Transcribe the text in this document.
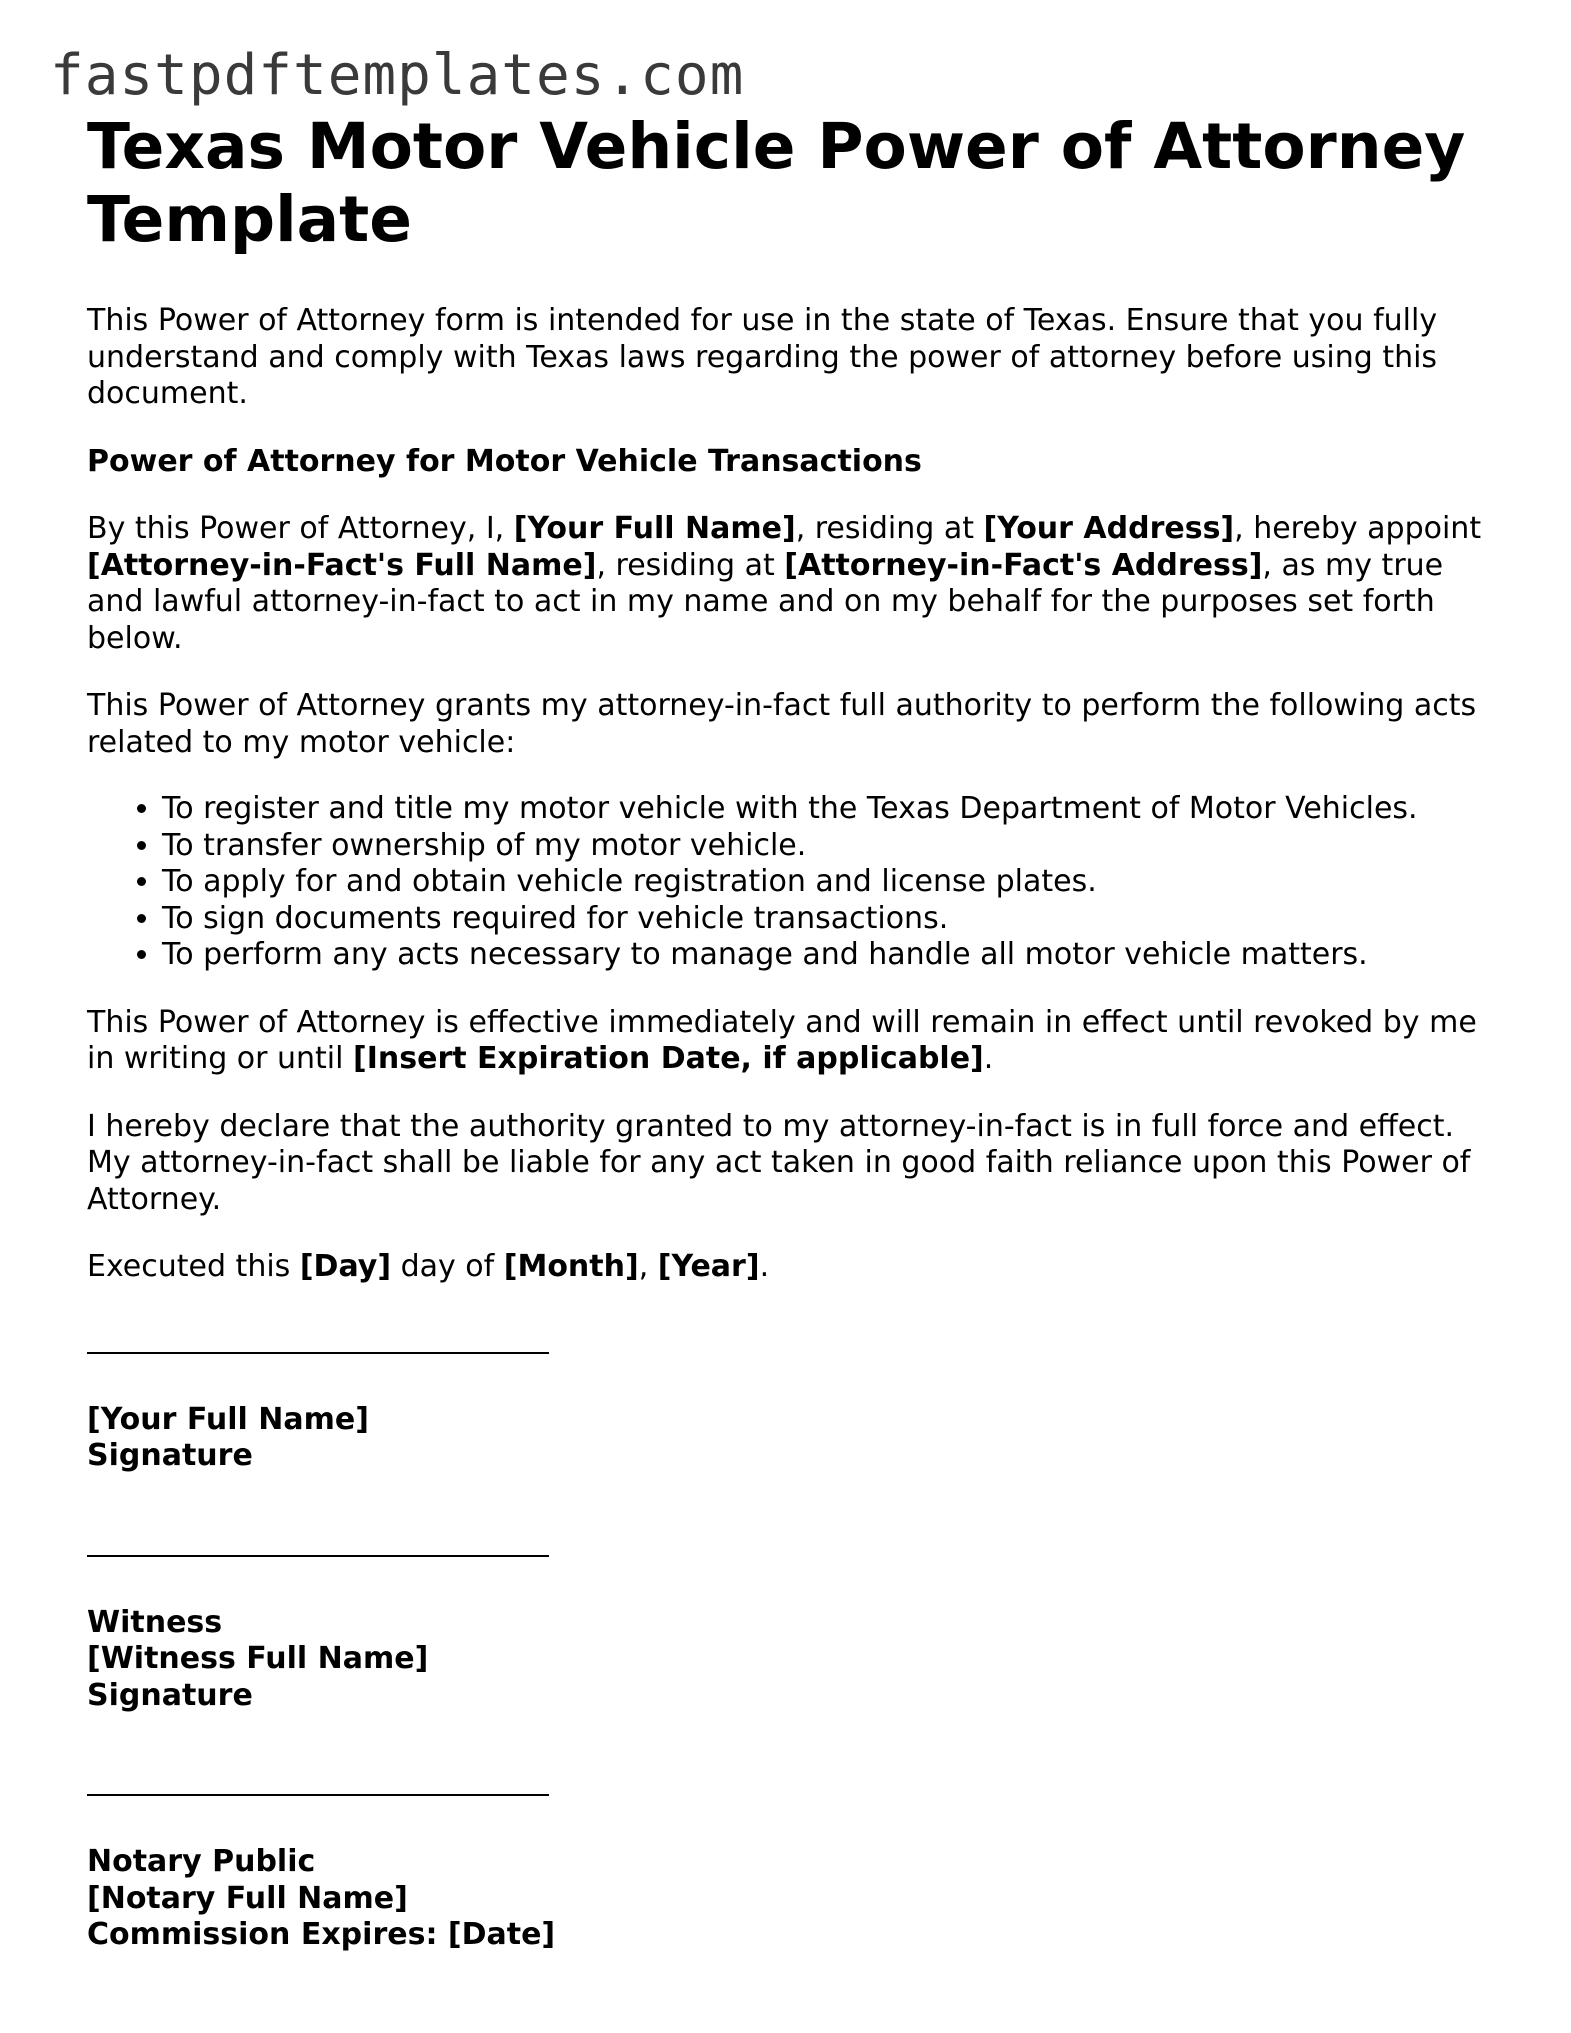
fastpdftemplates.com
Texas Motor Vehicle Power of Attorney Template

This Power of Attorney form is intended for use in the state of Texas. Ensure that you fully understand and comply with Texas laws regarding the power of attorney before using this document.

Power of Attorney for Motor Vehicle Transactions

By this Power of Attorney, I, [Your Full Name], residing at [Your Address], hereby appoint [Attorney-in-Fact's Full Name], residing at [Attorney-in-Fact's Address], as my true and lawful attorney-in-fact to act in my name and on my behalf for the purposes set forth below.

This Power of Attorney grants my attorney-in-fact full authority to perform the following acts related to my motor vehicle:

• To register and title my motor vehicle with the Texas Department of Motor Vehicles.
• To transfer ownership of my motor vehicle.
• To apply for and obtain vehicle registration and license plates.
• To sign documents required for vehicle transactions.
• To perform any acts necessary to manage and handle all motor vehicle matters.

This Power of Attorney is effective immediately and will remain in effect until revoked by me in writing or until [Insert Expiration Date, if applicable].

I hereby declare that the authority granted to my attorney-in-fact is in full force and effect. My attorney-in-fact shall be liable for any act taken in good faith reliance upon this Power of Attorney.

Executed this [Day] day of [Month], [Year].

[Your Full Name]
Signature
Witness
[Witness Full Name]
Signature
Notary Public
[Notary Full Name]
Commission Expires: [Date]
